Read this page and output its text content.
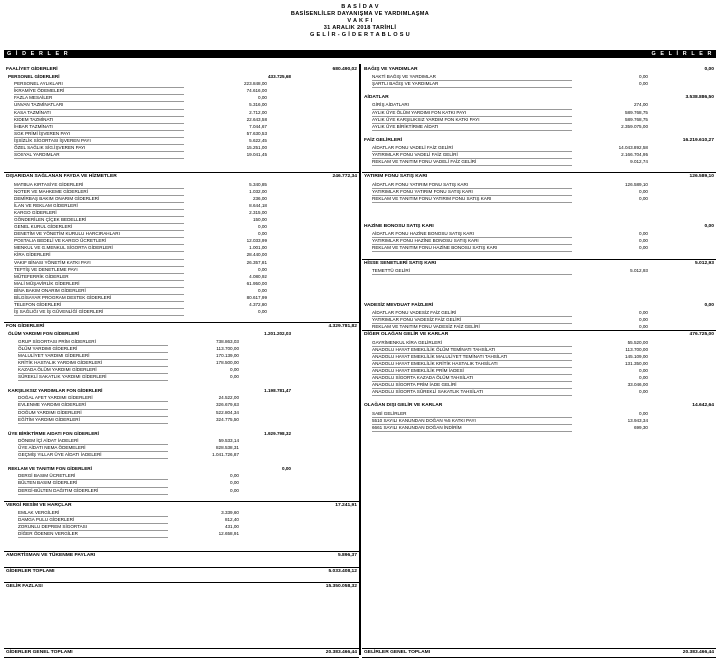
B A S İ D A V
BASİSENLİLER DAYANIŞMA VE YARDIMLAŞMA
V A K F I
31 ARALIK 2018 TARİHLİ
G E L İ R - G İ D E R T A B L O S U
G İ D E R L E R	G E L İ R L E R
FAALİYET GİDERLERİ	680.490,02
PERSONEL GİDERLERİ	433.725,68
PERSONEL AYLIKLARI	223.848,00
İKRAMİYE ÖDEMELERİ	74.616,00
FAZLA MESAİLER	0,00
UNVAN TAZMİNATLARI	5.316,00
KASA TAZMİNATI	2.712,00
KIDEM TAZMİNATI	22.643,58
İHBAR TAZMİNATI	7.044,67
SGK PRİMİ İŞVEREN PAYI	57.630,53
İŞSİZLİK SİGORTASI İŞVEREN PAYI	5.622,45
ÖZEL SAĞLIK SİG.İŞVEREN PAYI	15.251,00
SOSYAL YARDIMLAR	19.041,45
DIŞARIDAN SAĞLANAN FAYDA VE HİZMETLER	246.772,34
MATBUA KIRTASİYE GİDERLERİ	5.340,85
NOTER VE MAHKEME GİDERLERİ	1.032,00
DEMİRBAŞ BAKIM ONARIM GİDERLERİ	236,00
İLAN VE REKLAM GİDERLERİ	8.644,18
KARGO GİDERLERİ	2.315,00
GÖNDERİLEN ÇİÇEK BEDELLERİ	150,00
GENEL KURUL GİDERLERİ	0,00
DENETİM VE YÖNETİM KURULU HARCIRAHLARI	0,00
POSTALIA BEDELİ VE KARGO ÜCRETLERİ	12.033,99
MENKUL VE G.MENKUL SİGORTA GİDERLERİ	1.001,00
KİRA GİDERLERİ	28.440,00
VAKIF BİNASI YÖNETİM KATKI PAYI	26.357,81
TEFTİŞ VE DENETLEME PAYI	0,00
MÜTEFERRİK GİDERLER	4.080,92
MALİ MÜŞAVİRLİK GİDERLERİ	61.950,00
BİNA BAKIM ONARIM GİDERLERİ	0,00
BİLGİSAYAR PROGRAM DESTEK GİDERLERİ	80.617,99
TELEFON GİDERLERİ	4.372,80
İŞ SAĞLIĞI VE İŞ GÜVENLİĞİ GİDERLERİ	0,00
FON GİDERLERİ	4.329.781,82
ÖLÜM YARDIMI FON GİDERLERİ	1.201.202,03
GRUP SİGORTASI PRİM GİDERLERİ	738.863,03
ÖLÜM YARDIMI GİDERLERİ	113.700,00
MALULİYET YARDIMI GİDERLERİ	170.139,00
KRİTİK HASTALIK YARDIMI GİDERLERİ	178.500,00
KAZADA ÖLÜM YARDIMI GİDERLERİ	0,00
SÜREKLİ SAKATLIK YARDIMI GİDERLERİ	0,00
KARŞILIKSIZ YARDIMLAR FON GİDERLERİ	1.198.781,47
DOĞAL AFET YARDIMI GİDERLERİ	24.522,00
EVLENME YARDIMI GİDERLERİ	326.679,63
DOĞUM YARDIMI GİDERLERİ	522.804,34
EĞİTİM YARDIMI GİDERLERİ	324.775,50
ÜYE BİRİKTİRME AIDATI FON GİDERLERİ	1.929.798,32
DÖNEM İÇİ AİDAT İADELERİ	59.533,14
ÜYE AİDATI NEMA ÖDEMELERİ	828.538,31
GEÇMİŞ YILLAR ÜYE AİDATI İADELERİ	1.041.726,87
REKLAM VE TANITIM FON GİDERLERİ	0,00
DERGİ BASIM ÜCRETLERİ	0,00
BÜLTEN BASIM GİDERLERİ	0,00
DERGİ-BÜLTEN DAĞITIM GİDERLERİ	0,00
VERGİ RESİM VE HARÇLAR	17.241,91
EMLAK VERGİLERİ	3.339,60
DAMGA PULU GİDERLERİ	812,40
ZORUNLU DEPREM SİGORTASI	431,00
DİĞER ÖDENEN VERGİLER	12.658,91
AMORTİSMAN VE TÜKENME PAYLARI	5.896,37
GİDERLER TOPLAMI	5.033.408,12
GELİR FAZLASI	15.350.058,32
BAĞIŞ VE YARDIMLAR	0,00
NAKTİ BAĞIŞ VE YARDIMLAR	0,00
ŞARTLI BAĞIŞ VE YARDIMLAR	0,00
AİDATLAR	3.538.886,50
GİRİŞ AİDATLARI	274,00
AYLIK ÜYE ÖLÜM YARDIMI FON KATKI PAYI	589.768,75
AYLIK ÜYE KARŞILIKSIZ YARDIM FON KATKI PAYI	589.768,75
AYLIK ÜYE BİRİKTİRME AİDATI	2.359.075,00
FAİZ GELİRLERİ	16.219.610,27
AİDATLAR FONU VADELİ FAİZ GELİRİ	14.043.892,58
YATIRIMLAR FONU VADELİ FAİZ GELİRİ	2.166.704,95
REKLAM VE TANITIM FONU VADELİ FAİZ GELİRİ	9.012,74
YATIRIM FONU SATIŞ KARI	126.589,10
AİDATLAR FONU YATIRIM FONU SATIŞ KARI	126.589,10
YATIRIMLAR FONU YATIRIM FONU SATIŞ KARI	0,00
REKLAM VE TANITIM FONU YATIRIM FONU SATIŞ KARI	0,00
HAZİNE BONOSU SATIŞ KARI	0,00
AİDATLAR FONU HAZİNE BONOSU SATIŞ KARI	0,00
YATIRIMLAR FONU HAZİNE BONOSU SATIŞ KARI	0,00
REKLAM VE TANITIM FONU HAZİNE BONOSU SATIŞ KARI	0,00
HİSSE SENETLERİ SATIŞ KARI	5.012,93
TEMETTÜ GELİRİ	5.012,93
VADESİZ MEVDUAT FAİZLERİ	0,00
AİDATLAR FONU VADESİZ FAİZ GELİRİ	0,00
YATIRIMLAR FONU VADESİZ FAİZ GELİRİ	0,00
REKLAM VE TANITIM FONU VADESİZ FAİZ GELİRİ	0,00
DİĞER OLAĞAN GELİR VE KARLAR	476.725,00
GAYRİMENKUL KİRA GELİRLERİ	55.520,00
ANADOLU HAYAT EMEKLİLİK ÖLÜM TEMİNATI TAHSİLATI	113.700,00
ANADOLU HAYAT EMEKLİLİK MALULİYET TEMİNATI TAHSİLATI	145.109,00
ANADOLU HAYAT EMEKLİLİK KRİTİK HASTALIK TAHSİLATI	131.350,00
ANADOLU HAYAT EMEKLİLİK PRİM İADESİ	0,00
ANADOLU SİGORTA KAZADA ÖLÜM TAHSİLATI	0,00
ANADOLU SİGORTA PRİM İADE GELİRİ	33.046,00
ANADOLU SİGORTA SÜREKLİ SAKATLIK TAHSİLATI	0,00
OLAĞAN DIŞI GELİR VE KARLAR	14.642,64
SABİ GELİRLER	0,00
5510 SAYILI KANUNDAN DOĞAN %5 KATKI PAYI	13.943,34
6661 SAYILI KANUNDAN DOĞAN İNDİRİM	699,30
GİDERLER GENEL TOPLAMI	20.383.466,44 GELİRLER GENEL TOPLAMI	20.383.466,44
